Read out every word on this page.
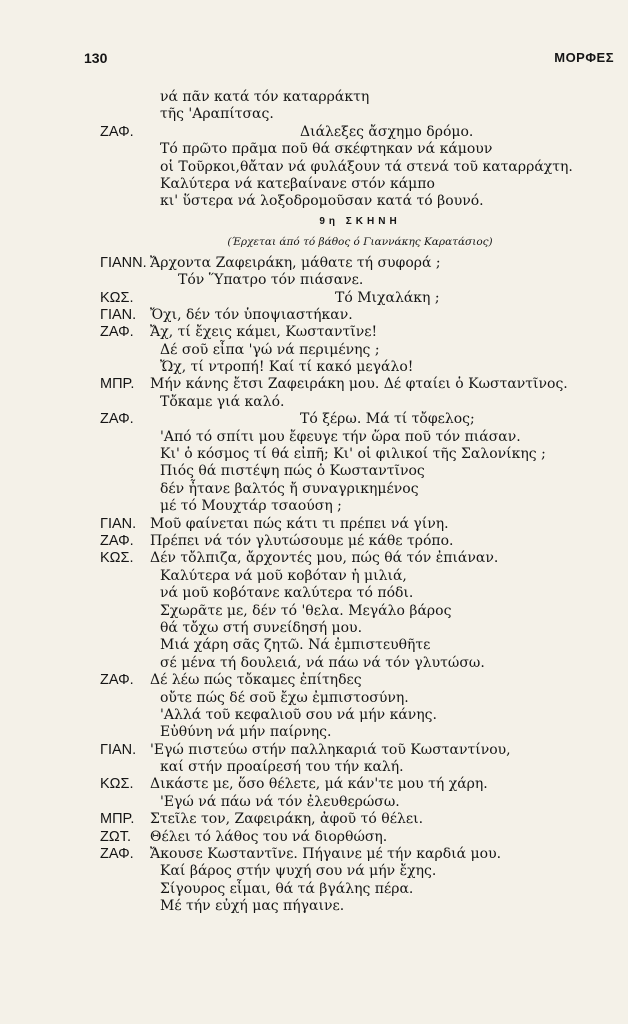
130	ΜΟΡΦΕΣ
νά πᾶν κατά τόν καταρράκτη
τῆς 'Αραπίτσας.
ΖΑΦ.	Διάλεξες ἄσχημο δρόμο.
Τό πρῶτο πρᾶμα ποῦ θά σκέφτηκαν νά κάμουν
οἱ Τοῦρκοι,θἄταν νά φυλάξουν τά στενά τοῦ καταρράχτη.
Καλύτερα νά κατεβαίνανε στόν κάμπο
κι' ὕστερα νά λοξοδρομοῦσαν κατά τό βουνό.
9η ΣΚΗΝΗ
(Έρχεται άπό τό βάθος ό Γιαννάκης Καρατάσιος)
ΓΙΑΝΝ. Ἄρχοντα Ζαφειράκη, μάθατε τή συφορά ;
Τόν Ὕπατρο τόν πιάσανε.
ΚΩΣ.	Τό Μιχαλάκη ;
ΓΙΑΝ. Ὄχι, δέν τόν ὑποψιαστήκαν.
ΖΑΦ. Ἄχ, τί ἔχεις κάμει, Κωσταντῖνε!
Δέ σοῦ εἶπα 'γώ νά περιμένης ;
Ὤχ, τί ντροπή! Καί τί κακό μεγάλο!
ΜΠΡ. Μήν κάνης ἔτσι Ζαφειράκη μου. Δέ φταίει ὁ Κωσταντῖνος.
Τὄκαμε γιά καλό.
ΖΑΦ.	Τό ξέρω. Μά τί τὄφελος;
'Από τό σπίτι μου ἔφευγε τήν ὥρα ποῦ τόν πιάσαν.
Κι' ὁ κόσμος τί θά εἰπῆ; Κι' οἱ φιλικοί τῆς Σαλονίκης ;
Πιός θά πιστέψη πώς ὁ Κωσταντῖνος
δέν ἦτανε βαλτός ἤ συναγρικημένος
μέ τό Μουχτάρ τσαούση ;
ΓΙΑΝ. Μοῦ φαίνεται πώς κάτι τι πρέπει νά γίνη.
ΖΑΦ. Πρέπει νά τόν γλυτώσουμε μέ κάθε τρόπο.
ΚΩΣ. Δέν τὄλπιζα, ἄρχοντές μου, πώς θά τόν ἐπιάναν.
Καλύτερα νά μοῦ κοβόταν ἡ μιλιά,
νά μοῦ κοβότανε καλύτερα τό πόδι.
Σχωρᾶτε με, δέν τό 'θελα. Μεγάλο βάρος
θά τὄχω στή συνείδησή μου.
Μιά χάρη σᾶς ζητῶ. Νά ἐμπιστευθῆτε
σέ μένα τή δουλειά, νά πάω νά τόν γλυτώσω.
ΖΑΦ. Δέ λέω πώς τὄκαμες ἐπίτηδες
οὔτε πώς δέ σοῦ ἔχω ἐμπιστοσύνη.
'Αλλά τοῦ κεφαλιοῦ σου νά μήν κάνης.
Εὐθύνη νά μήν παίρνης.
ΓΙΑΝ. 'Εγώ πιστεύω στήν παλληκαριά τοῦ Κωσταντίνου,
καί στήν προαίρεσή του τήν καλή.
ΚΩΣ. Δικάστε με, ὅσο θέλετε, μά κάν'τε μου τή χάρη.
'Εγώ νά πάω νά τόν ἐλευθερώσω.
ΜΠΡ. Στεῖλε τον, Ζαφειράκη, ἀφοῦ τό θέλει.
ΖΩΤ. Θέλει τό λάθος του νά διορθώση.
ΖΑΦ. Ἄκουσε Κωσταντῖνε. Πήγαινε μέ τήν καρδιά μου.
Καί βάρος στήν ψυχή σου νά μήν ἔχης.
Σίγουρος εἶμαι, θά τά βγάλης πέρα.
Μέ τήν εὐχή μας πήγαινε.
